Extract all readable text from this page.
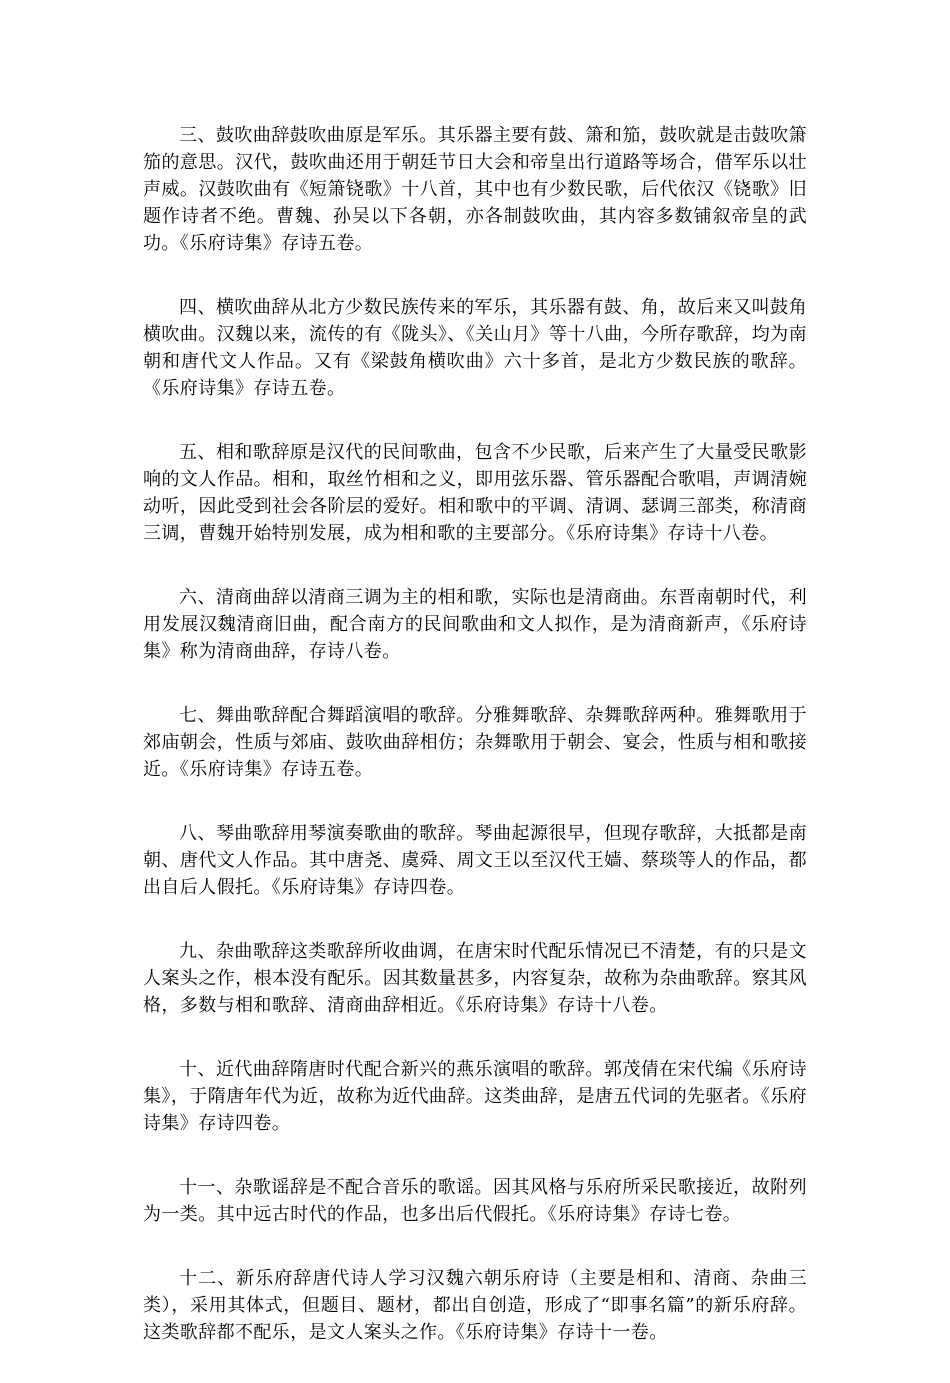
三、鼓吹曲辞鼓吹曲原是军乐。其乐器主要有鼓、箫和笳，鼓吹就是击鼓吹箫笳的意思。汉代，鼓吹曲还用于朝廷节日大会和帝皇出行道路等场合，借军乐以壮声威。汉鼓吹曲有《短箫铙歌》十八首，其中也有少数民歌，后代依汉《铙歌》旧题作诗者不绝。曹魏、孙吴以下各朝，亦各制鼓吹曲，其内容多数铺叙帝皇的武功。《乐府诗集》存诗五卷。

四、横吹曲辞从北方少数民族传来的军乐，其乐器有鼓、角，故后来又叫鼓角横吹曲。汉魏以来，流传的有《陇头》、《关山月》等十八曲，今所存歌辞，均为南朝和唐代文人作品。又有《梁鼓角横吹曲》六十多首，是北方少数民族的歌辞。《乐府诗集》存诗五卷。

五、相和歌辞原是汉代的民间歌曲，包含不少民歌，后来产生了大量受民歌影响的文人作品。相和，取丝竹相和之义，即用弦乐器、管乐器配合歌唱，声调清婉动听，因此受到社会各阶层的爱好。相和歌中的平调、清调、瑟调三部类，称清商三调，曹魏开始特别发展，成为相和歌的主要部分。《乐府诗集》存诗十八卷。

六、清商曲辞以清商三调为主的相和歌，实际也是清商曲。东晋南朝时代，利用发展汉魏清商旧曲，配合南方的民间歌曲和文人拟作，是为清商新声，《乐府诗集》称为清商曲辞，存诗八卷。

七、舞曲歌辞配合舞蹈演唱的歌辞。分雅舞歌辞、杂舞歌辞两种。雅舞歌用于郊庙朝会，性质与郊庙、鼓吹曲辞相仿；杂舞歌用于朝会、宴会，性质与相和歌接近。《乐府诗集》存诗五卷。

八、琴曲歌辞用琴演奏歌曲的歌辞。琴曲起源很早，但现存歌辞，大抵都是南朝、唐代文人作品。其中唐尧、虞舜、周文王以至汉代王嫱、蔡琰等人的作品，都出自后人假托。《乐府诗集》存诗四卷。

九、杂曲歌辞这类歌辞所收曲调，在唐宋时代配乐情况已不清楚，有的只是文人案头之作，根本没有配乐。因其数量甚多，内容复杂，故称为杂曲歌辞。察其风格，多数与相和歌辞、清商曲辞相近。《乐府诗集》存诗十八卷。

十、近代曲辞隋唐时代配合新兴的燕乐演唱的歌辞。郭茂倩在宋代编《乐府诗集》，于隋唐年代为近，故称为近代曲辞。这类曲辞，是唐五代词的先驱者。《乐府诗集》存诗四卷。

十一、杂歌谣辞是不配合音乐的歌谣。因其风格与乐府所采民歌接近，故附列为一类。其中远古时代的作品，也多出后代假托。《乐府诗集》存诗七卷。

十二、新乐府辞唐代诗人学习汉魏六朝乐府诗（主要是相和、清商、杂曲三类），采用其体式，但题目、题材，都出自创造，形成了“即事名篇”的新乐府辞。这类歌辞都不配乐，是文人案头之作。《乐府诗集》存诗十一卷。
